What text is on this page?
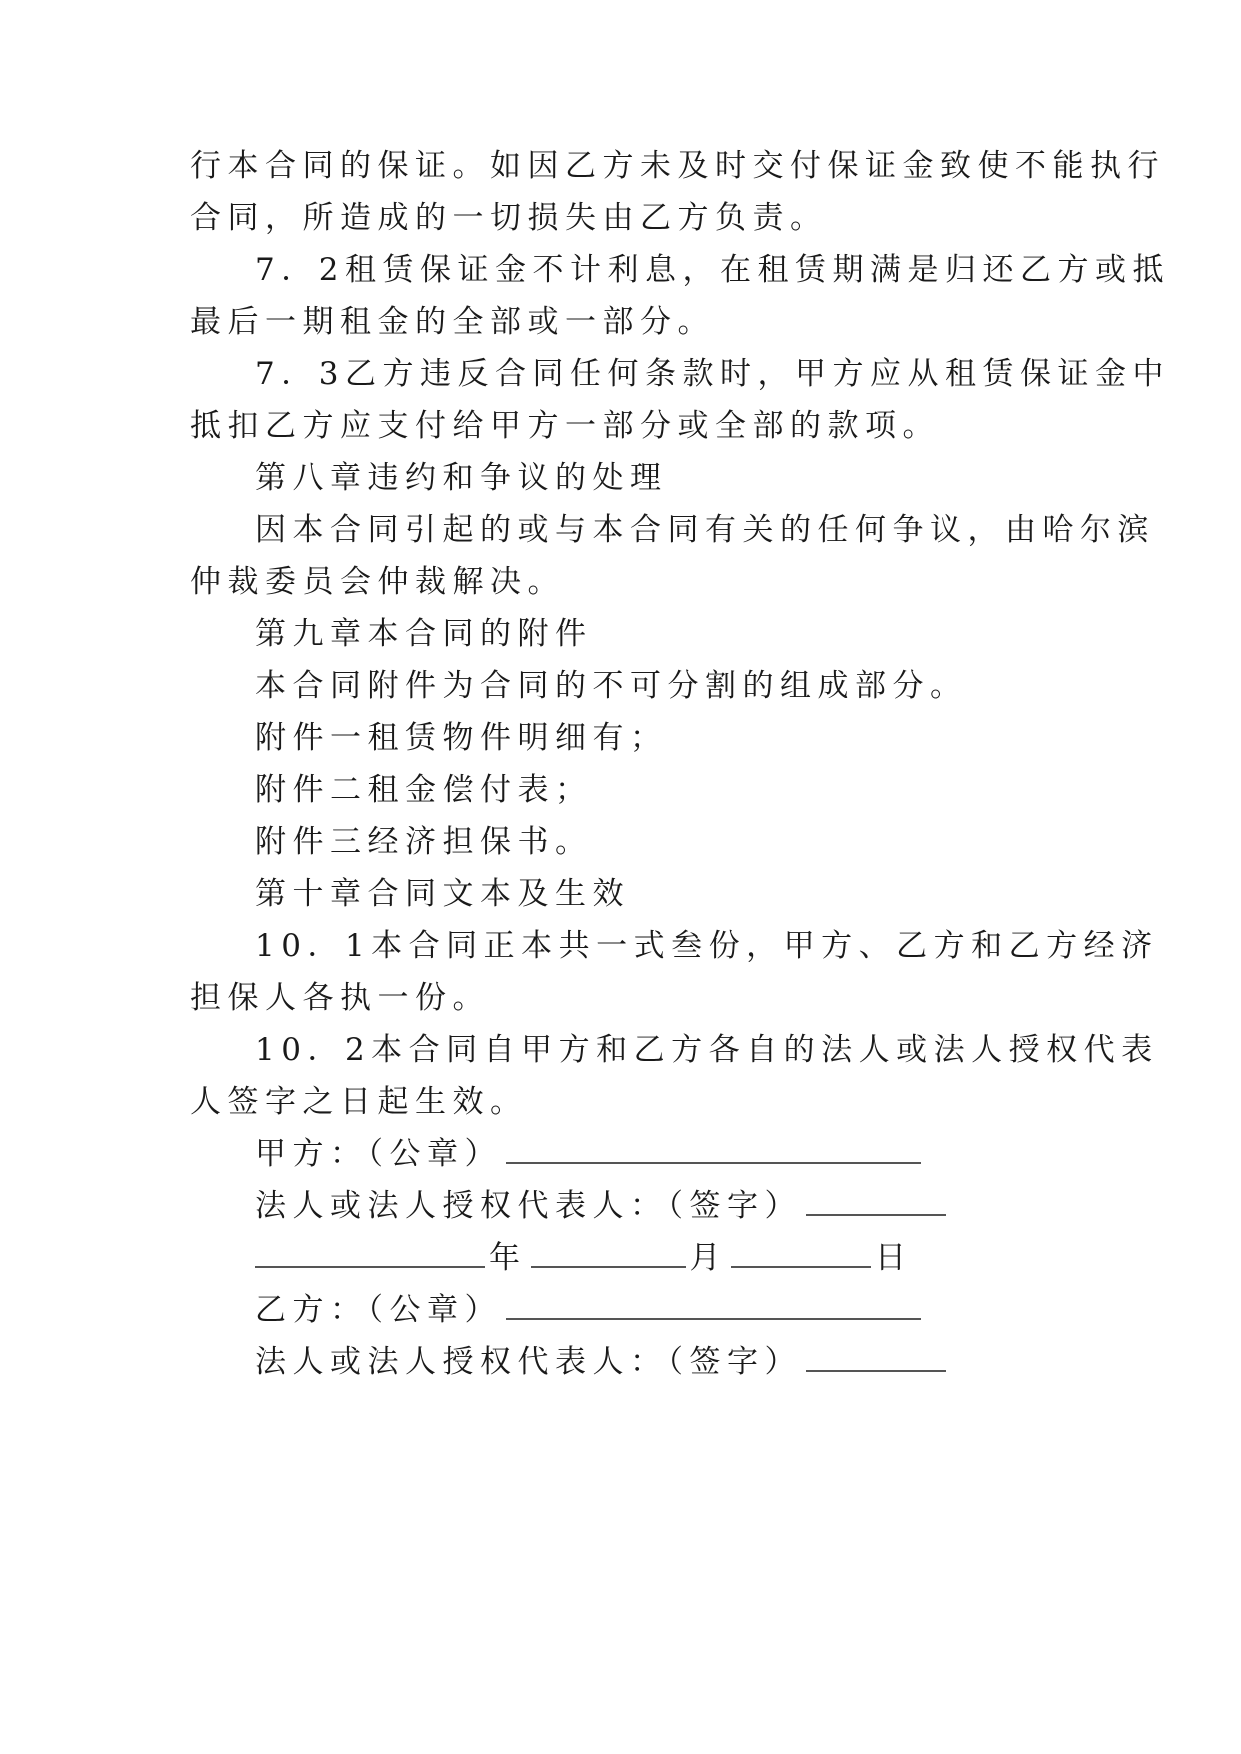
行本合同的保证。如因乙方未及时交付保证金致使不能执行
合同，所造成的一切损失由乙方负责。
7．2租赁保证金不计利息，在租赁期满是归还乙方或抵
最后一期租金的全部或一部分。
7．3乙方违反合同任何条款时，甲方应从租赁保证金中
抵扣乙方应支付给甲方一部分或全部的款项。
第八章违约和争议的处理
因本合同引起的或与本合同有关的任何争议，由哈尔滨
仲裁委员会仲裁解决。
第九章本合同的附件
本合同附件为合同的不可分割的组成部分。
附件一租赁物件明细有；
附件二租金偿付表；
附件三经济担保书。
第十章合同文本及生效
10．1本合同正本共一式叁份，甲方、乙方和乙方经济
担保人各执一份。
10．2本合同自甲方和乙方各自的法人或法人授权代表
人签字之日起生效。
甲方：（公章）
法人或法人授权代表人：（签字）
年	月	日
乙方：（公章）
法人或法人授权代表人：（签字）
